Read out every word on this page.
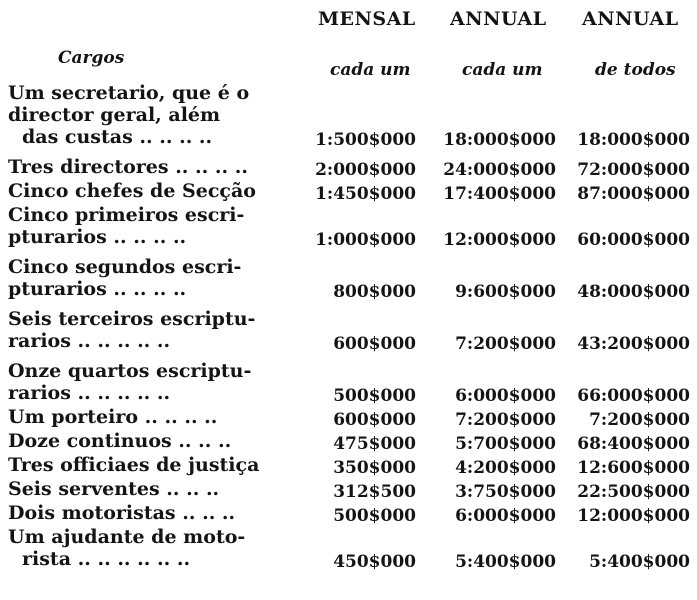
MENSAL ANNUAL ANNUAL
Cargos
cada um	cada um	de todos
Um secretario, que é o
director geral, além
das custas .. .. .. ..	1:500$000	18:000$000	18:000$000
Tres directores .. .. .. ..	2:000$000	24:000$000	72:000$000
Cinco chefes de Secção	1:450$000	17:400$000	87:000$000
Cinco primeiros escri-
pturarios .. .. .. ..	1:000$000	12:000$000	60:000$000
Cinco segundos escri-
pturarios .. .. .. ..	800$000	9:600$000	48:000$000
Seis terceiros escriptu-
rarios .. .. .. .. ..	600$000	7:200$000	43:200$000
Onze quartos escriptu-
rarios .. .. .. .. ..	500$000	6:000$000	66:000$000
Um porteiro .. .. .. ..	600$000	7:200$000	7:200$000
Doze continuos .. .. ..	475$000	5:700$000	68:400$000
Tres officiaes de justiça	350$000	4:200$000	12:600$000
Seis serventes .. .. ..	312$500	3:750$000	22:500$000
Dois motoristas .. .. ..	500$000	6:000$000	12:000$000
Um ajudante de moto-
rista .. .. .. .. .. ..	450$000	5:400$000	5:400$000
